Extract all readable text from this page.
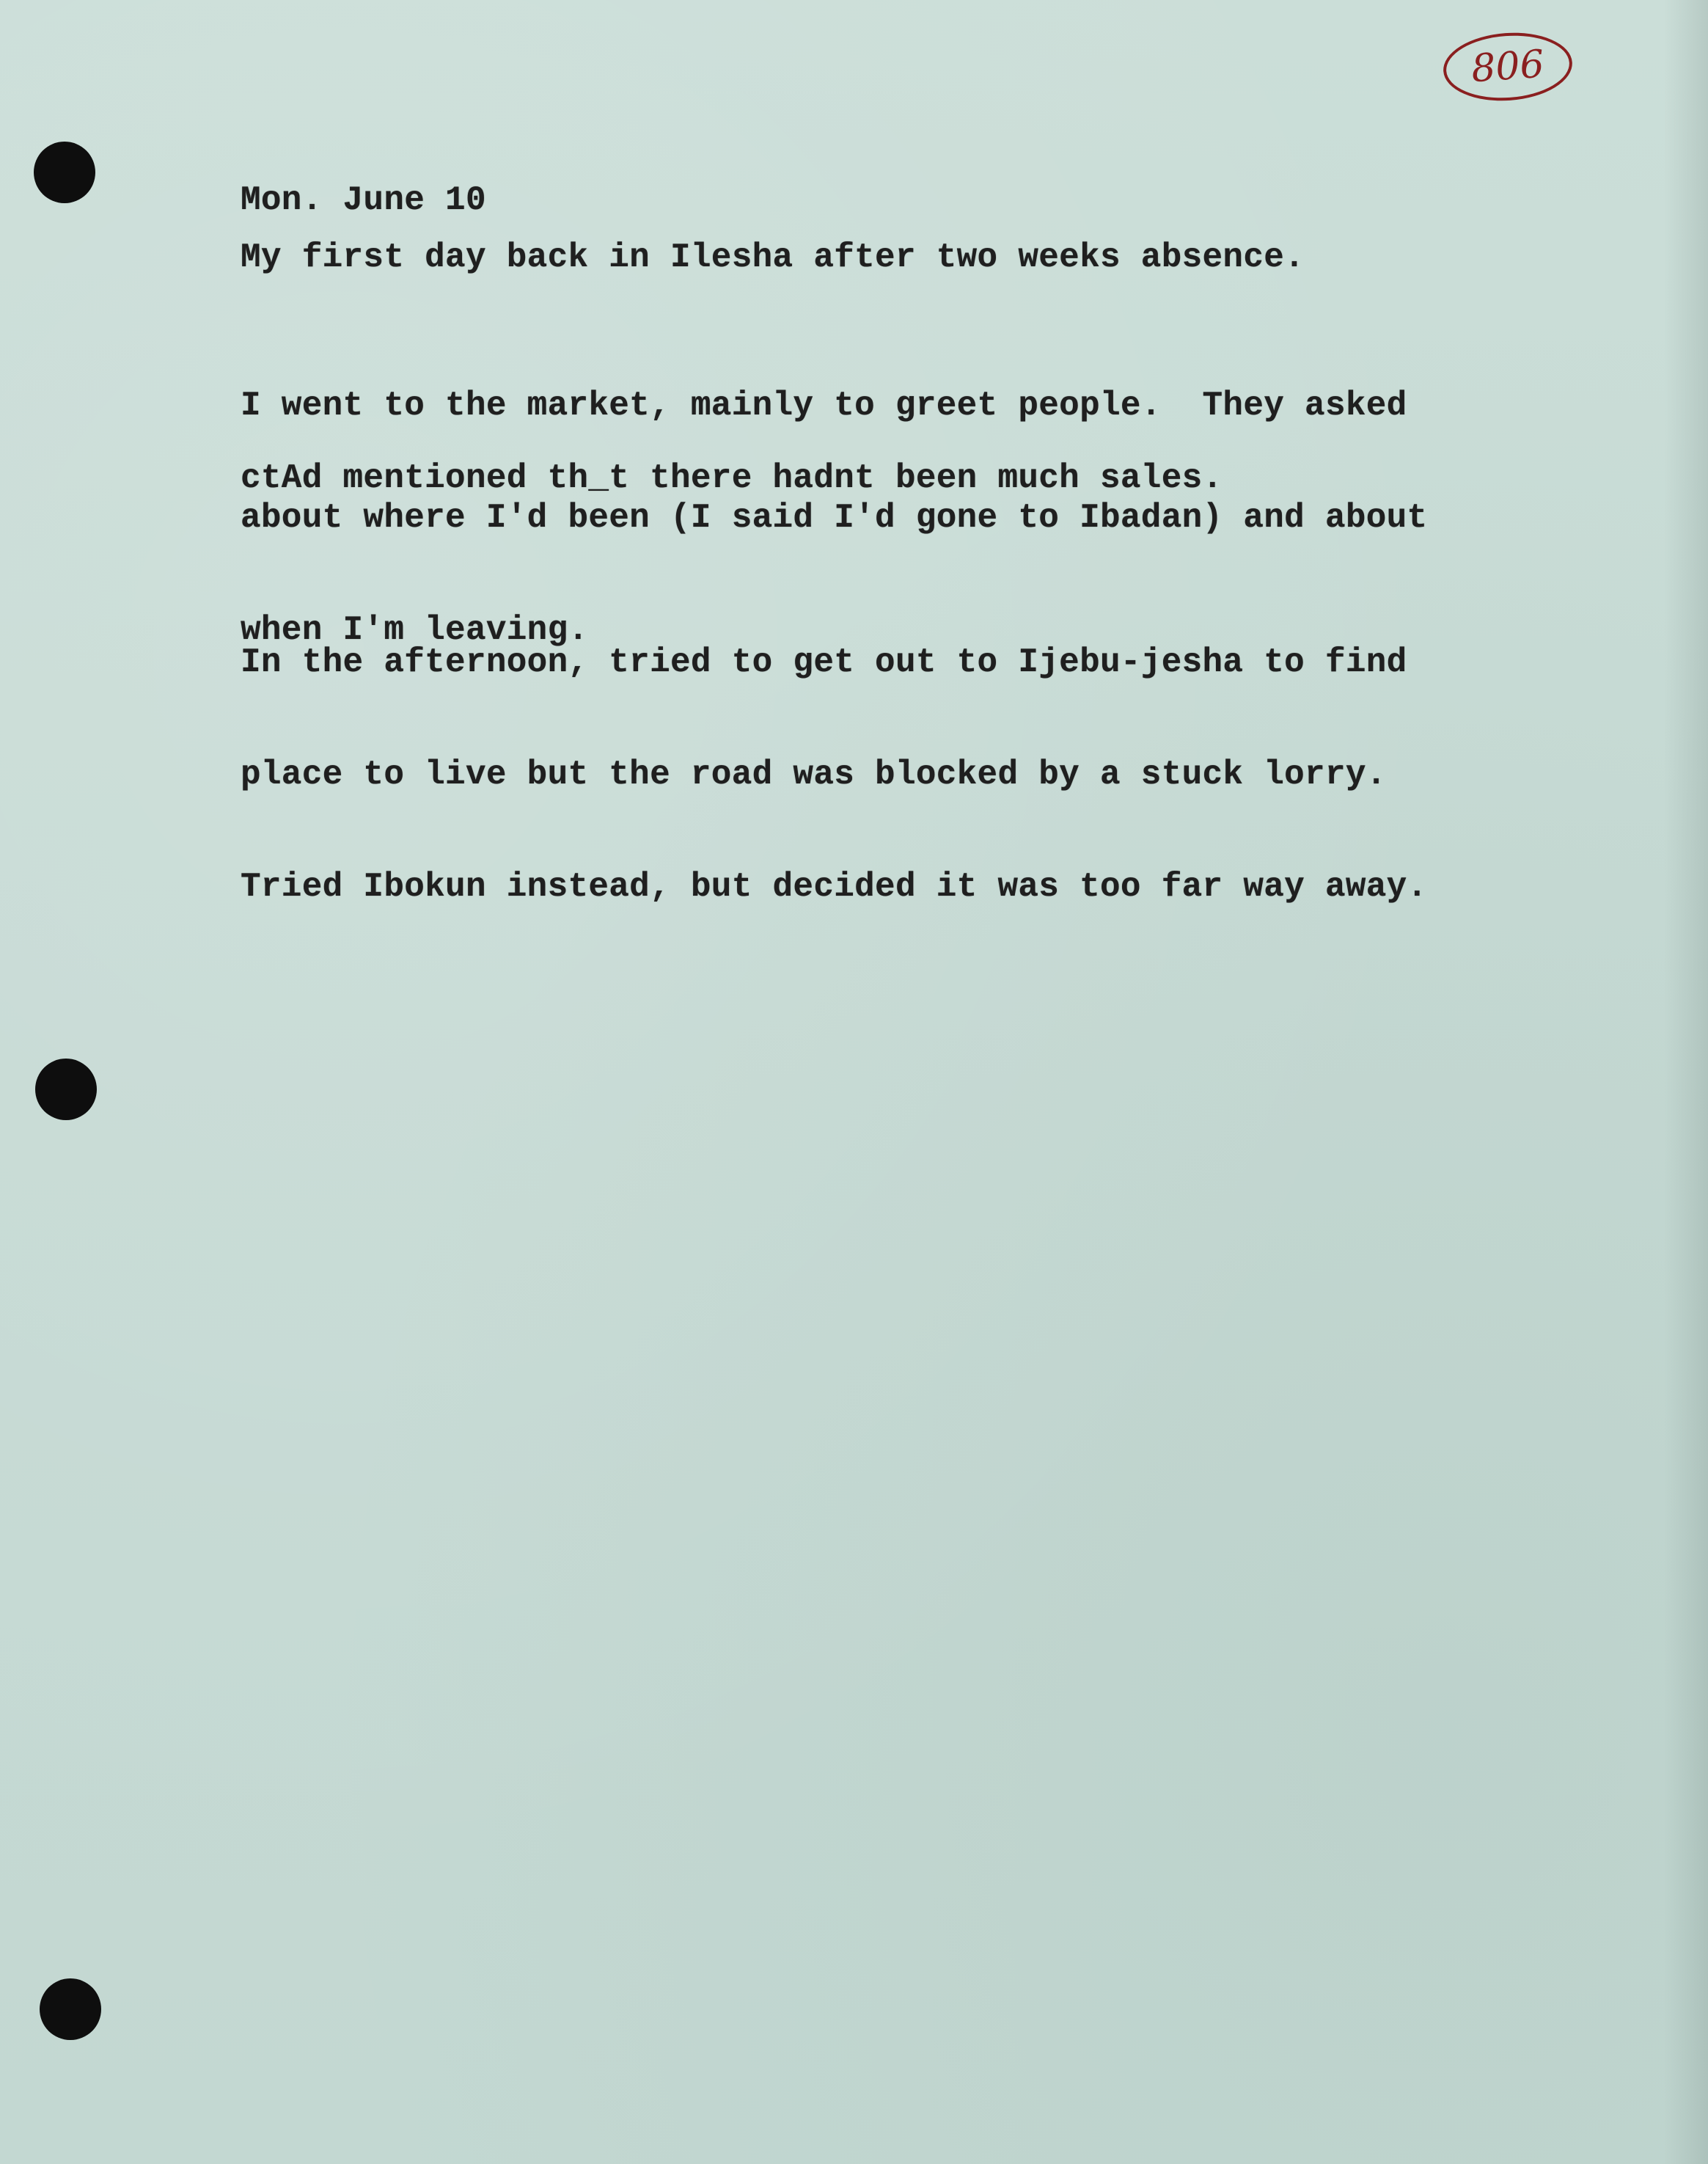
806
Mon. June 10
My first day back in Ilesha after two weeks absence.

I went to the market, mainly to greet people.  They asked

about where I'd been (I said I'd gone to Ibadan) and about

when I'm leaving.

ctAd mentioned th_t there hadnt been much sales.

In the afternoon, tried to get out to Ijebu-jesha to find

place to live but the road was blocked by a stuck lorry.

Tried Ibokun instead, but decided it was too far way away.
